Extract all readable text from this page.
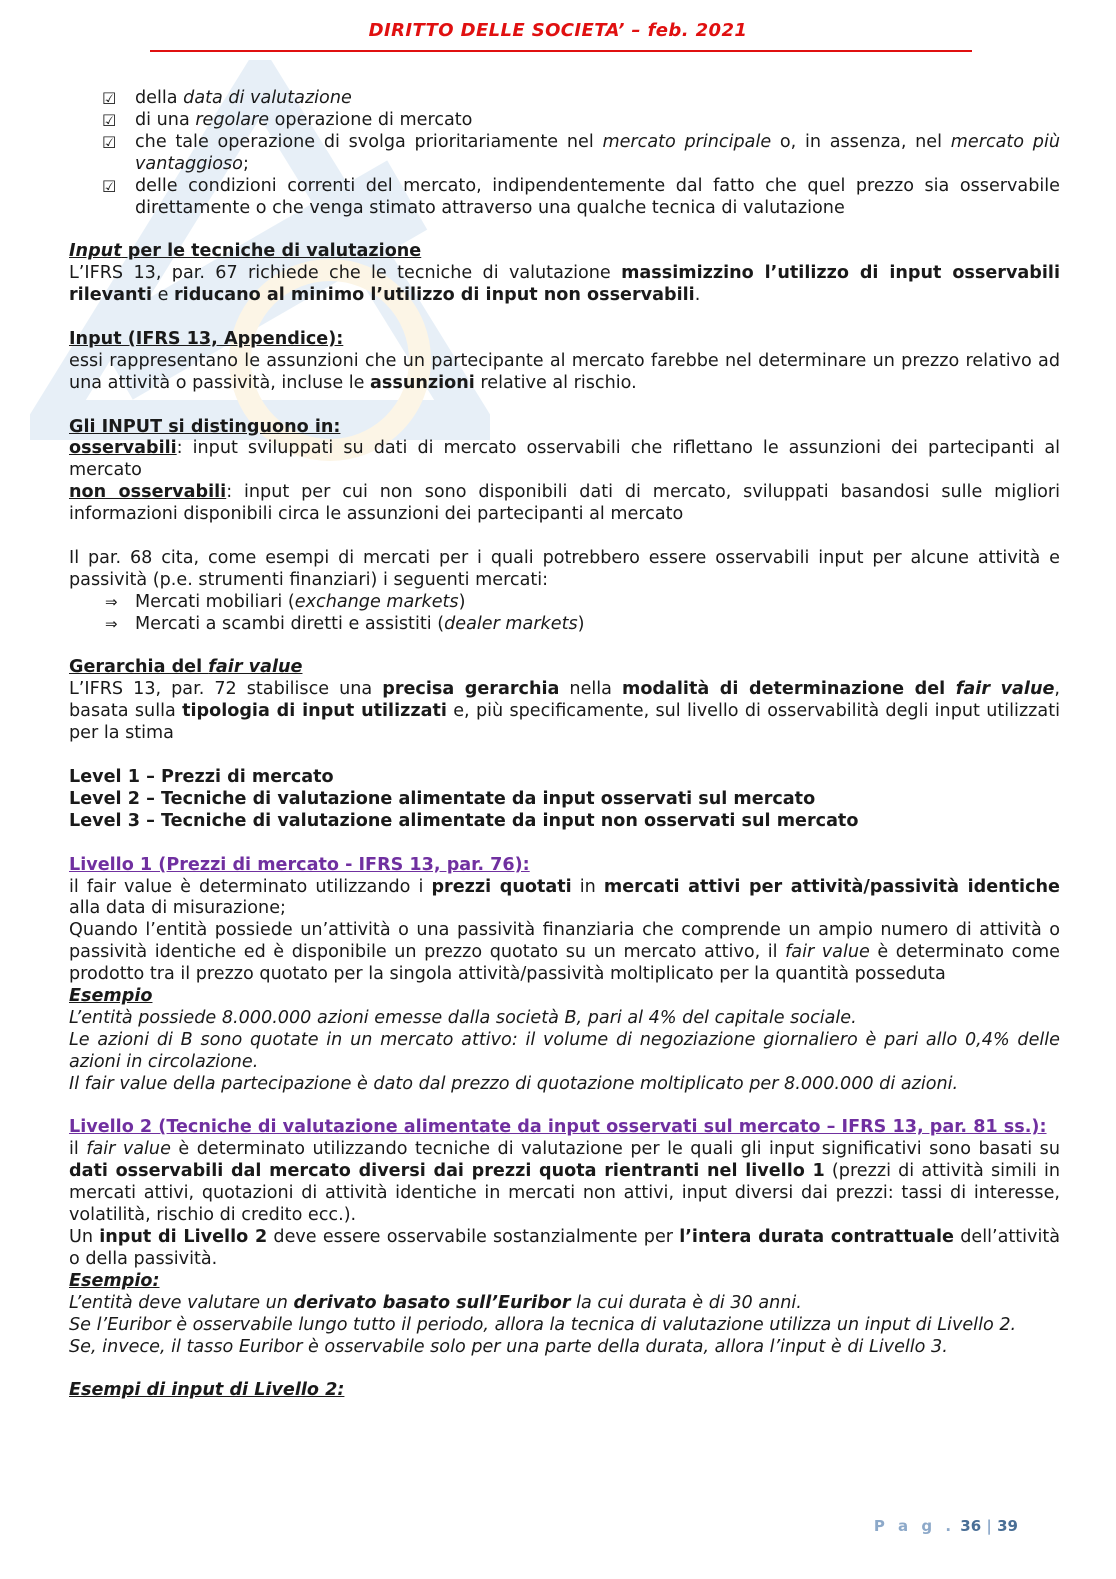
DIRITTO DELLE SOCIETA’ – feb. 2021
☑ della data di valutazione
☑ di una regolare operazione di mercato
☑ che tale operazione di svolga prioritariamente nel mercato principale o, in assenza, nel mercato più vantaggioso;
☑ delle condizioni correnti del mercato, indipendentemente dal fatto che quel prezzo sia osservabile direttamente o che venga stimato attraverso una qualche tecnica di valutazione

Input per le tecniche di valutazione

L’IFRS 13, par. 67 richiede che le tecniche di valutazione massimizzino l’utilizzo di input osservabili rilevanti e riducano al minimo l’utilizzo di input non osservabili.

Input (IFRS 13, Appendice):

essi rappresentano le assunzioni che un partecipante al mercato farebbe nel determinare un prezzo relativo ad una attività o passività, incluse le assunzioni relative al rischio.

Gli INPUT si distinguono in:

osservabili: input sviluppati su dati di mercato osservabili che riflettano le assunzioni dei partecipanti al mercato

non osservabili: input per cui non sono disponibili dati di mercato, sviluppati basandosi sulle migliori informazioni disponibili circa le assunzioni dei partecipanti al mercato

Il par. 68 cita, come esempi di mercati per i quali potrebbero essere osservabili input per alcune attività e passività (p.e. strumenti finanziari) i seguenti mercati:

⇒ Mercati mobiliari (exchange markets)
⇒ Mercati a scambi diretti e assistiti (dealer markets)

Gerarchia del fair value

L’IFRS 13, par. 72 stabilisce una precisa gerarchia nella modalità di determinazione del fair value, basata sulla tipologia di input utilizzati e, più specificamente, sul livello di osservabilità degli input utilizzati per la stima

Level 1 – Prezzi di mercato

Level 2 – Tecniche di valutazione alimentate da input osservati sul mercato

Level 3 – Tecniche di valutazione alimentate da input non osservati sul mercato

Livello 1 (Prezzi di mercato - IFRS 13, par. 76):

il fair value è determinato utilizzando i prezzi quotati in mercati attivi per attività/passività identiche alla data di misurazione;

Quando l’entità possiede un’attività o una passività finanziaria che comprende un ampio numero di attività o passività identiche ed è disponibile un prezzo quotato su un mercato attivo, il fair value è determinato come prodotto tra il prezzo quotato per la singola attività/passività moltiplicato per la quantità posseduta

Esempio

L’entità possiede 8.000.000 azioni emesse dalla società B, pari al 4% del capitale sociale.

Le azioni di B sono quotate in un mercato attivo: il volume di negoziazione giornaliero è pari allo 0,4% delle azioni in circolazione.

Il fair value della partecipazione è dato dal prezzo di quotazione moltiplicato per 8.000.000 di azioni.

Livello 2 (Tecniche di valutazione alimentate da input osservati sul mercato – IFRS 13, par. 81 ss.):

il fair value è determinato utilizzando tecniche di valutazione per le quali gli input significativi sono basati su dati osservabili dal mercato diversi dai prezzi quota rientranti nel livello 1 (prezzi di attività simili in mercati attivi, quotazioni di attività identiche in mercati non attivi, input diversi dai prezzi: tassi di interesse, volatilità, rischio di credito ecc.).

Un input di Livello 2 deve essere osservabile sostanzialmente per l’intera durata contrattuale dell’attività o della passività.

Esempio:

L’entità deve valutare un derivato basato sull’Euribor la cui durata è di 30 anni.

Se l’Euribor è osservabile lungo tutto il periodo, allora la tecnica di valutazione utilizza un input di Livello 2.

Se, invece, il tasso Euribor è osservabile solo per una parte della durata, allora l’input è di Livello 3.

Esempi di input di Livello 2:

P a g . 36 | 39
